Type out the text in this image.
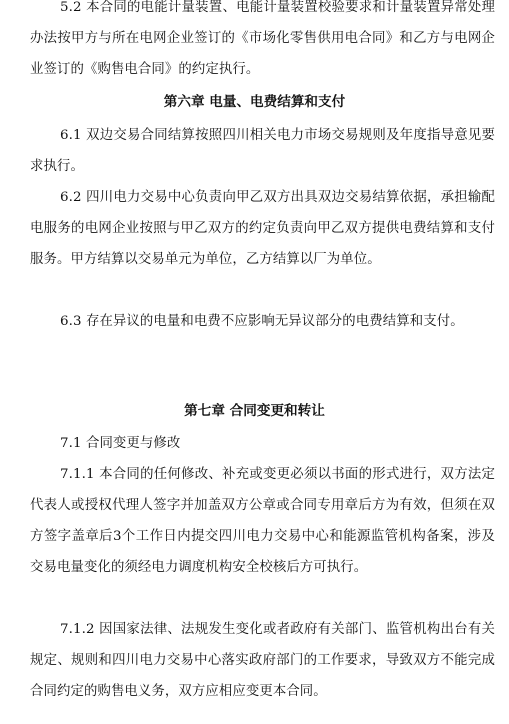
5.2 本合同的电能计量装置、电能计量装置校验要求和计量装置异常处理办法按甲方与所在电网企业签订的《市场化零售供用电合同》和乙方与电网企业签订的《购售电合同》的约定执行。

第六章 电量、电费结算和支付

6.1 双边交易合同结算按照四川相关电力市场交易规则及年度指导意见要求执行。

6.2 四川电力交易中心负责向甲乙双方出具双边交易结算依据，承担输配电服务的电网企业按照与甲乙双方的约定负责向甲乙双方提供电费结算和支付服务。甲方结算以交易单元为单位，乙方结算以厂为单位。

6.3 存在异议的电量和电费不应影响无异议部分的电费结算和支付。

第七章 合同变更和转让

7.1 合同变更与修改

7.1.1 本合同的任何修改、补充或变更必须以书面的形式进行，双方法定代表人或授权代理人签字并加盖双方公章或合同专用章后方为有效，但须在双方签字盖章后3个工作日内提交四川电力交易中心和能源监管机构备案，涉及交易电量变化的须经电力调度机构安全校核后方可执行。

7.1.2 因国家法律、法规发生变化或者政府有关部门、监管机构出台有关规定、规则和四川电力交易中心落实政府部门的工作要求，导致双方不能完成合同约定的购售电义务，双方应相应变更本合同。
